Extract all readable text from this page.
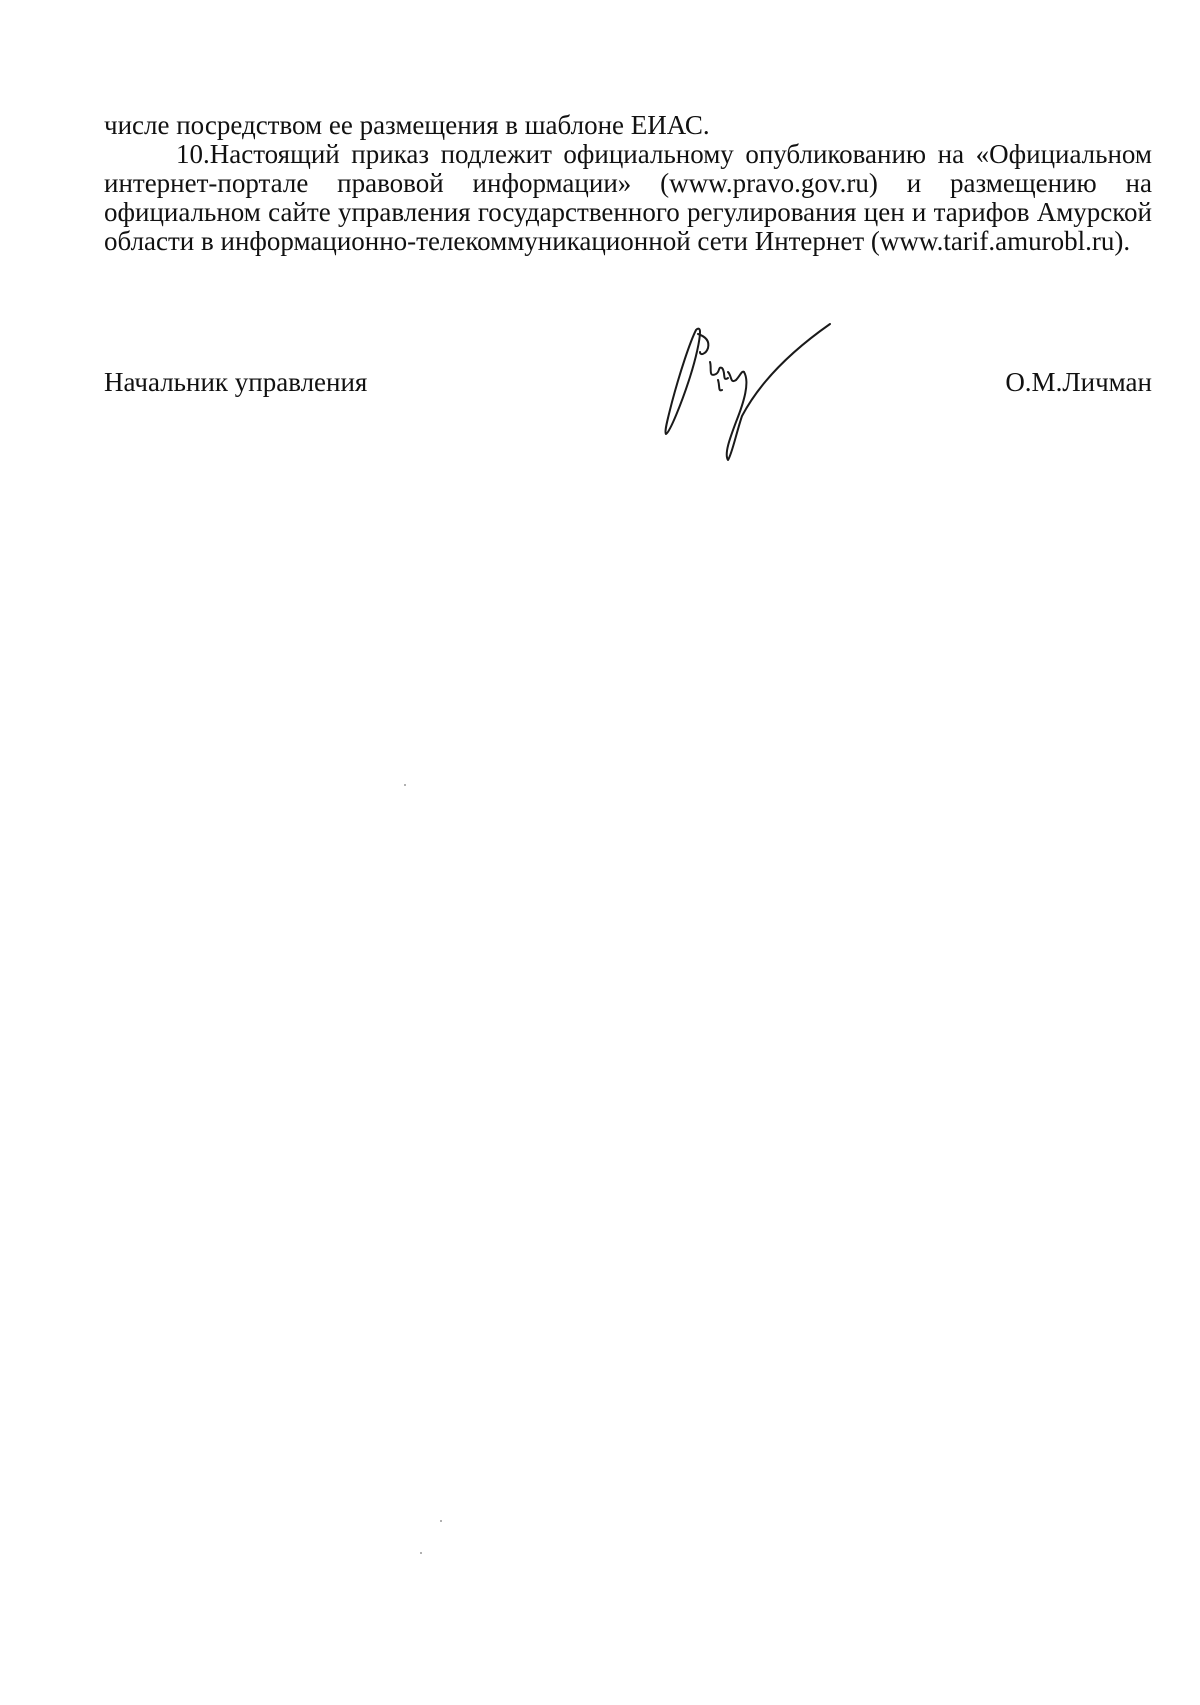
числе посредством ее размещения в шаблоне ЕИАС.

10.Настоящий приказ подлежит официальному опубликованию на «Официальном интернет-портале правовой информации» (www.pravo.gov.ru) и размещению на официальном сайте управления государственного регулирования цен и тарифов Амурской области в информационно-телекоммуникационной сети Интернет (www.tarif.amurobl.ru).

Начальник управления	О.М.Личман
